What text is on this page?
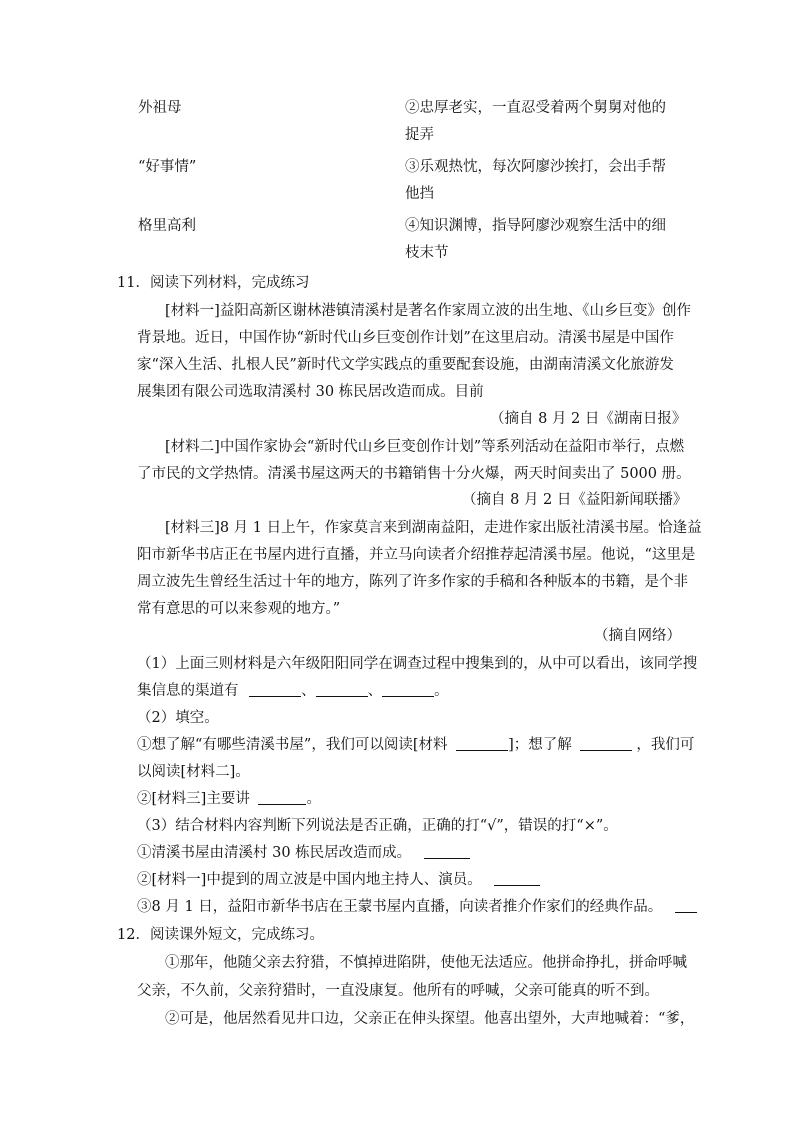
外祖母	②忠厚老实，一直忍受着两个舅舅对他的
捉弄
“好事情”	③乐观热忱，每次阿廖沙挨打，会出手帮
他挡
格里高利	④知识渊博，指导阿廖沙观察生活中的细
枝末节
11．阅读下列材料，完成练习
[材料一]益阳高新区谢林港镇清溪村是著名作家周立波的出生地、《山乡巨变》创作
背景地。近日，中国作协“新时代山乡巨变创作计划”在这里启动。清溪书屋是中国作
家“深入生活、扎根人民”新时代文学实践点的重要配套设施，由湖南清溪文化旅游发
展集团有限公司选取清溪村 30 栋民居改造而成。目前
（摘自 8 月 2 日《湖南日报》
[材料二]中国作家协会“新时代山乡巨变创作计划”等系列活动在益阳市举行，点燃
了市民的文学热情。清溪书屋这两天的书籍销售十分火爆，两天时间卖出了 5000 册。
（摘自 8 月 2 日《益阳新闻联播》
[材料三]8 月 1 日上午，作家莫言来到湖南益阳，走进作家出版社清溪书屋。恰逢益
阳市新华书店正在书屋内进行直播，并立马向读者介绍推荐起清溪书屋。他说，“这里是
周立波先生曾经生活过十年的地方，陈列了许多作家的手稿和各种版本的书籍，是个非
常有意思的可以来参观的地方。”
（摘自网络）
（1）上面三则材料是六年级阳阳同学在调查过程中搜集到的，从中可以看出，该同学搜
集信息的渠道有	、	、	。
（2）填空。
①想了解“有哪些清溪书屋”，我们可以阅读[材料	]；想了解	，我们可
以阅读[材料二]。
②[材料三]主要讲	。
（3）结合材料内容判断下列说法是否正确，正确的打“√”，错误的打“×”。
①清溪书屋由清溪村 30 栋民居改造而成。
②[材料一]中提到的周立波是中国内地主持人、演员。
③8 月 1 日，益阳市新华书店在王蒙书屋内直播，向读者推介作家们的经典作品。
12．阅读课外短文，完成练习。
①那年，他随父亲去狩猎，不慎掉进陷阱，使他无法适应。他拼命挣扎，拼命呼喊
父亲，不久前，父亲狩猎时，一直没康复。他所有的呼喊，父亲可能真的听不到。
②可是，他居然看见井口边，父亲正在伸头探望。他喜出望外，大声地喊着：“爹，
